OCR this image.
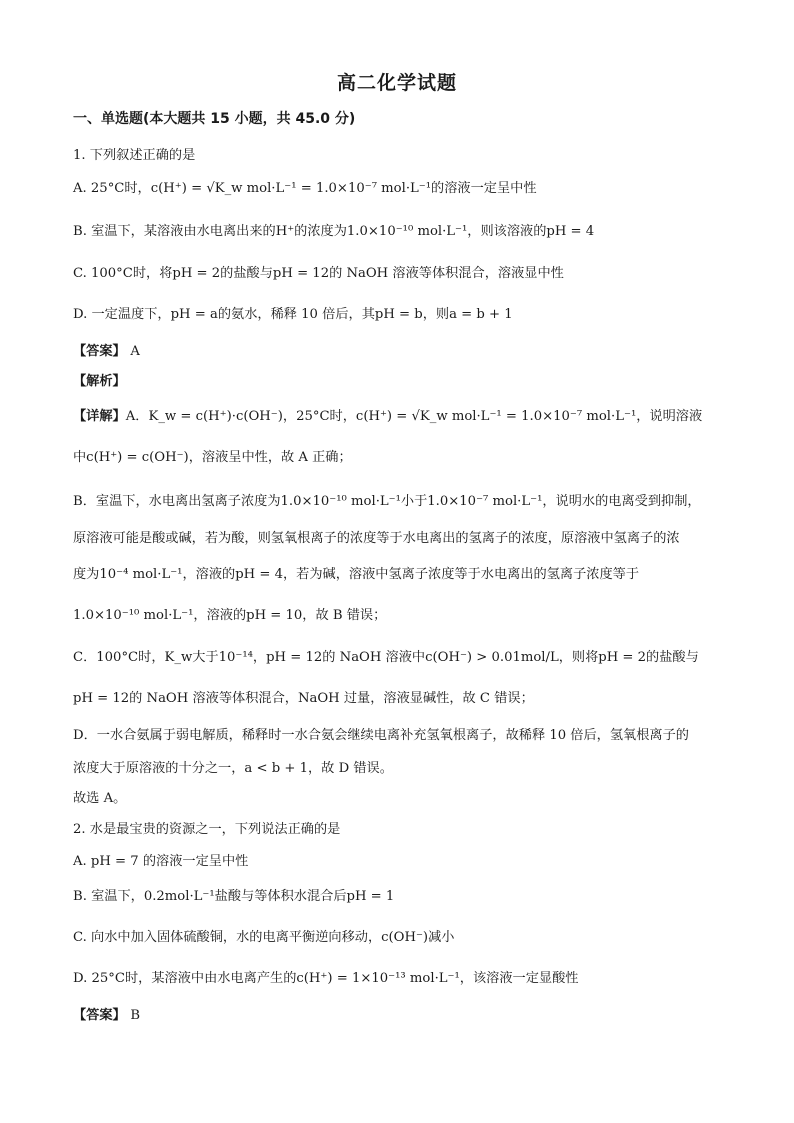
高二化学试题
一、单选题(本大题共 15 小题，共 45.0 分)
1. 下列叙述正确的是
A. 25°C时，c(H⁺) = √K_w mol·L⁻¹ = 1.0×10⁻⁷ mol·L⁻¹的溶液一定呈中性
B. 室温下，某溶液由水电离出来的H⁺的浓度为1.0×10⁻¹⁰ mol·L⁻¹，则该溶液的pH = 4
C. 100°C时，将pH = 2的盐酸与pH = 12的 NaOH 溶液等体积混合，溶液显中性
D. 一定温度下，pH = a的氨水，稀释 10 倍后，其pH = b，则a = b + 1
【答案】 A
【解析】
【详解】A．K_w = c(H⁺)·c(OH⁻)，25°C时，c(H⁺) = √K_w mol·L⁻¹ = 1.0×10⁻⁷ mol·L⁻¹，说明溶液
中c(H⁺) = c(OH⁻)，溶液呈中性，故 A 正确；
B．室温下，水电离出氢离子浓度为1.0×10⁻¹⁰ mol·L⁻¹小于1.0×10⁻⁷ mol·L⁻¹，说明水的电离受到抑制，
原溶液可能是酸或碱，若为酸，则氢氧根离子的浓度等于水电离出的氢离子的浓度，原溶液中氢离子的浓
度为10⁻⁴ mol·L⁻¹，溶液的pH = 4，若为碱，溶液中氢离子浓度等于水电离出的氢离子浓度等于
1.0×10⁻¹⁰ mol·L⁻¹，溶液的pH = 10，故 B 错误；
C．100°C时，K_w大于10⁻¹⁴，pH = 12的 NaOH 溶液中c(OH⁻) > 0.01mol/L，则将pH = 2的盐酸与
pH = 12的 NaOH 溶液等体积混合，NaOH 过量，溶液显碱性，故 C 错误；
D．一水合氨属于弱电解质，稀释时一水合氨会继续电离补充氢氧根离子，故稀释 10 倍后，氢氧根离子的
浓度大于原溶液的十分之一，a < b + 1，故 D 错误。
故选 A。
2. 水是最宝贵的资源之一，下列说法正确的是
A. pH = 7 的溶液一定呈中性
B. 室温下，0.2mol·L⁻¹盐酸与等体积水混合后pH = 1
C. 向水中加入固体硫酸铜，水的电离平衡逆向移动，c(OH⁻)减小
D. 25°C时，某溶液中由水电离产生的c(H⁺) = 1×10⁻¹³ mol·L⁻¹，该溶液一定显酸性
【答案】 B
